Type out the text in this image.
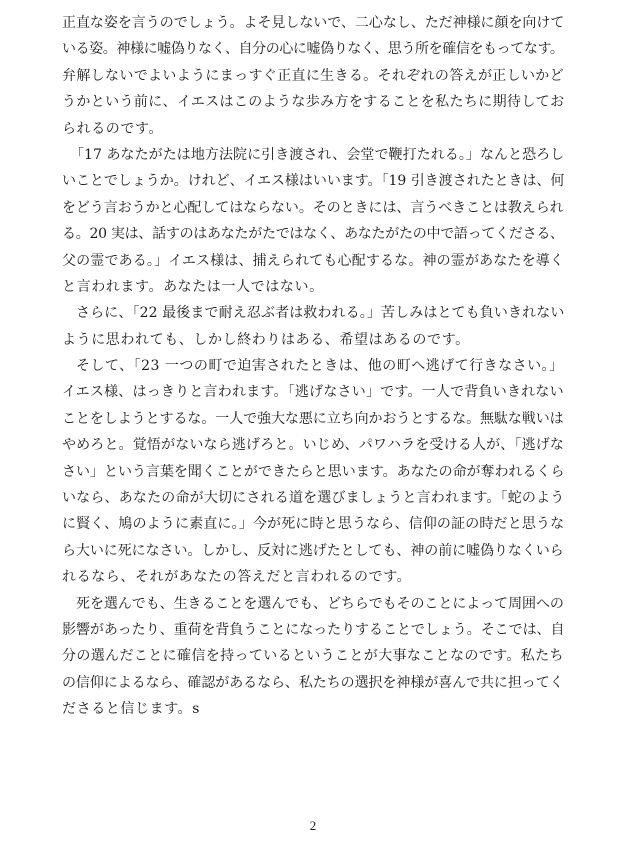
正直な姿を言うのでしょう。よそ見しないで、二心なし、ただ神様に顔を向けて
いる姿。神様に嘘偽りなく、自分の心に嘘偽りなく、思う所を確信をもってなす。
弁解しないでよいようにまっすぐ正直に生きる。それぞれの答えが正しいかど
うかという前に、イエスはこのような歩み方をすることを私たちに期待してお
られるのです。
「17 あなたがたは地方法院に引き渡され、会堂で鞭打たれる。」なんと恐ろし
いことでしょうか。けれど、イエス様はいいます。「19 引き渡されたときは、何
をどう言おうかと心配してはならない。そのときには、言うべきことは教えられ
る。20 実は、話すのはあなたがたではなく、あなたがたの中で語ってくださる、
父の霊である。」イエス様は、捕えられても心配するな。神の霊があなたを導く
と言われます。あなたは一人ではない。
さらに、「22 最後まで耐え忍ぶ者は救われる。」苦しみはとても負いきれない
ように思われても、しかし終わりはある、希望はあるのです。
そして、「23 一つの町で迫害されたときは、他の町へ逃げて行きなさい。」
イエス様、はっきりと言われます。「逃げなさい」です。一人で背負いきれない
ことをしようとするな。一人で強大な悪に立ち向かおうとするな。無駄な戦いは
やめろと。覚悟がないなら逃げろと。いじめ、パワハラを受ける人が、「逃げな
さい」という言葉を聞くことができたらと思います。あなたの命が奪われるくら
いなら、あなたの命が大切にされる道を選びましょうと言われます。「蛇のよう
に賢く、鳩のように素直に。」今が死に時と思うなら、信仰の証の時だと思うな
ら大いに死になさい。しかし、反対に逃げたとしても、神の前に嘘偽りなくいら
れるなら、それがあなたの答えだと言われるのです。
死を選んでも、生きることを選んでも、どちらでもそのことによって周囲への
影響があったり、重荷を背負うことになったりすることでしょう。そこでは、自
分の選んだことに確信を持っているということが大事なことなのです。私たち
の信仰によるなら、確認があるなら、私たちの選択を神様が喜んで共に担ってく
ださると信じます。s
2
